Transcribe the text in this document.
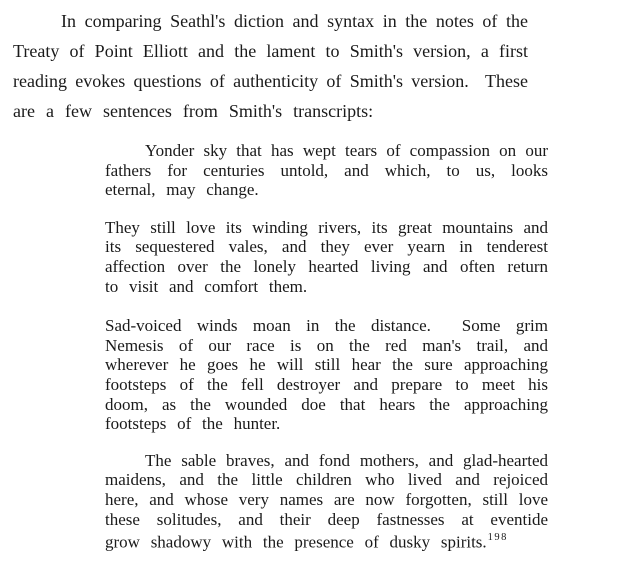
In comparing Seathl's diction and syntax in the notes of the
Treaty of Point Elliott and the lament to Smith's version, a first
reading evokes questions of authenticity of Smith's version.  These
are a few sentences from Smith's transcripts:
Yonder sky that has wept tears of compassion on our
fathers for centuries untold, and which, to us, looks
eternal, may change.
They still love its winding rivers, its great mountains and
its sequestered vales, and they ever yearn in tenderest
affection over the lonely hearted living and often return
to visit and comfort them.
Sad-voiced winds moan in the distance.  Some grim
Nemesis of our race is on the red man's trail, and
wherever he goes he will still hear the sure approaching
footsteps of the fell destroyer and prepare to meet his
doom, as the wounded doe that hears the approaching
footsteps of the hunter.
The sable braves, and fond mothers, and glad-hearted
maidens, and the little children who lived and rejoiced
here, and whose very names are now forgotten, still love
these solitudes, and their deep fastnesses at eventide
grow shadowy with the presence of dusky spirits.$^{198}$
